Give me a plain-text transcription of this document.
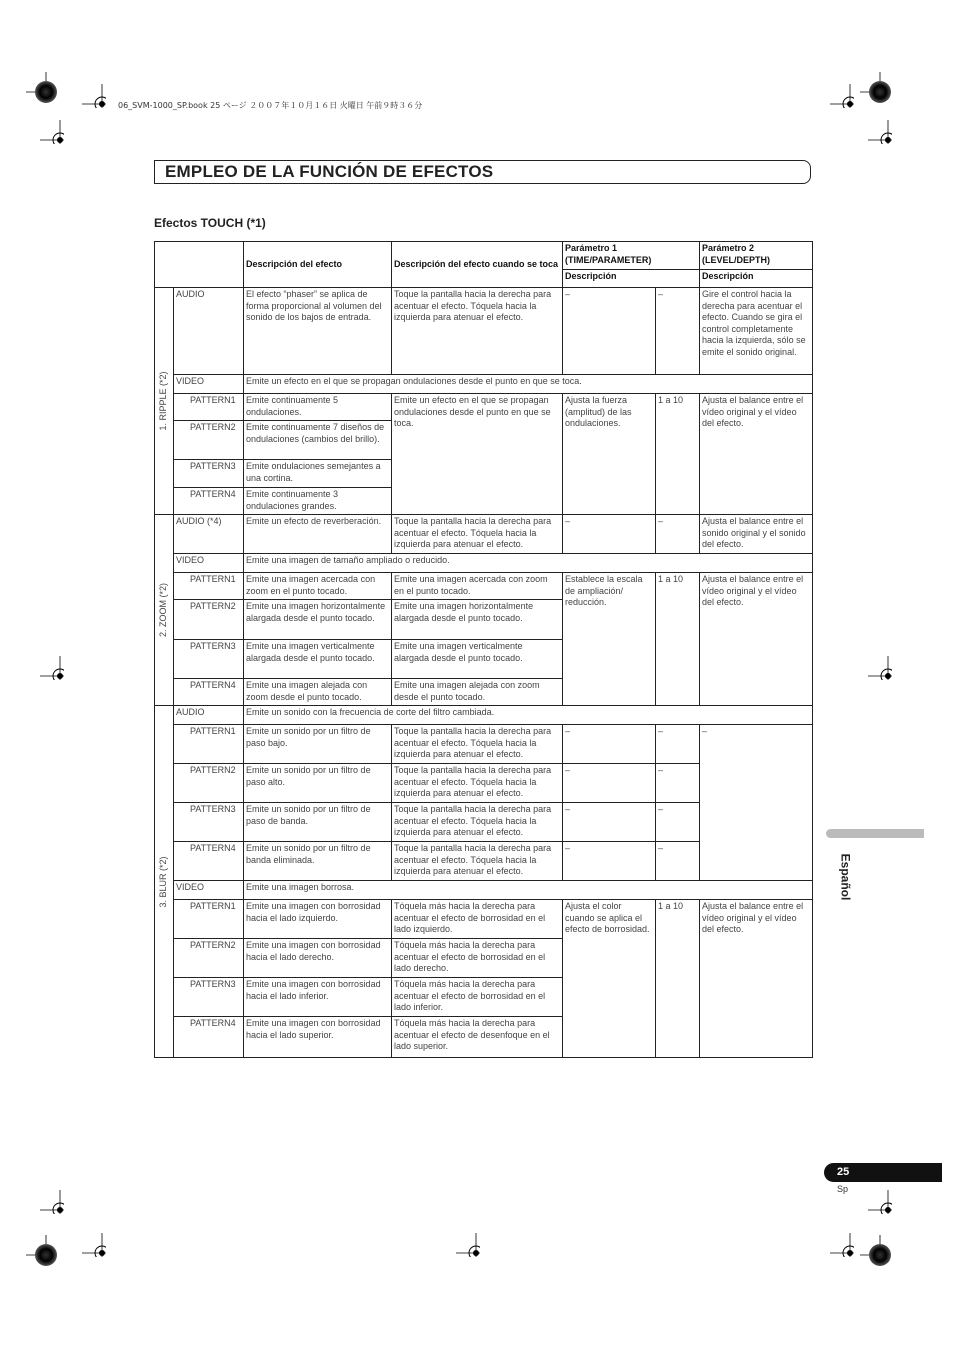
06_SVM-1000_SP.book 25 ページ ２００７年１０月１６日 火曜日 午前９時３６分
EMPLEO DE LA FUNCIÓN DE EFECTOS
Efectos TOUCH (*1)
		Descripción del efecto	Descripción del efecto cuando se toca	Parámetro 1 (TIME/PARAMETER)		Parámetro 2 (LEVEL/DEPTH)
				Descripción		Descripción

1. RIPPLE (*2)	AUDIO	El efecto “phaser” se aplica de forma proporcional al volumen del sonido de los bajos de entrada.	Toque la pantalla hacia la derecha para acentuar el efecto. Tóquela hacia la izquierda para atenuar el efecto.	–	–	Gire el control hacia la derecha para acentuar el efecto. Cuando se gira el control completamente hacia la izquierda, sólo se emite el sonido original.
	VIDEO	Emite un efecto en el que se propagan ondulaciones desde el punto en que se toca.				
	PATTERN1	Emite continuamente 5 ondulaciones.	Emite un efecto en el que se propagan ondulaciones desde el punto en que se toca.	Ajusta la fuerza (amplitud) de las ondulaciones.	1 a 10	Ajusta el balance entre el vídeo original y el vídeo del efecto.
	PATTERN2	Emite continuamente 7 diseños de ondulaciones (cambios del brillo).				
	PATTERN3	Emite ondulaciones semejantes a una cortina.				
	PATTERN4	Emite continuamente 3 ondulaciones grandes.				

2. ZOOM (*2)	AUDIO (*4)	Emite un efecto de reverberación.	Toque la pantalla hacia la derecha para acentuar el efecto. Tóquela hacia la izquierda para atenuar el efecto.	–	–	Ajusta el balance entre el sonido original y el sonido del efecto.
	VIDEO	Emite una imagen de tamaño ampliado o reducido.				
	PATTERN1	Emite una imagen acercada con zoom en el punto tocado.	Emite una imagen acercada con zoom en el punto tocado.	Establece la escala de ampliación/ reducción.	1 a 10	Ajusta el balance entre el vídeo original y el vídeo del efecto.
	PATTERN2	Emite una imagen horizontalmente alargada desde el punto tocado.	Emite una imagen horizontalmente alargada desde el punto tocado.			
	PATTERN3	Emite una imagen verticalmente alargada desde el punto tocado.	Emite una imagen verticalmente alargada desde el punto tocado.			
	PATTERN4	Emite una imagen alejada con zoom desde el punto tocado.	Emite una imagen alejada con zoom desde el punto tocado.			

3. BLUR (*2)	AUDIO	Emite un sonido con la frecuencia de corte del filtro cambiada.				
	PATTERN1	Emite un sonido por un filtro de paso bajo.	Toque la pantalla hacia la derecha para acentuar el efecto. Tóquela hacia la izquierda para atenuar el efecto.	–	–	–
	PATTERN2	Emite un sonido por un filtro de paso alto.	Toque la pantalla hacia la derecha para acentuar el efecto. Tóquela hacia la izquierda para atenuar el efecto.	–	–	
	PATTERN3	Emite un sonido por un filtro de paso de banda.	Toque la pantalla hacia la derecha para acentuar el efecto. Tóquela hacia la izquierda para atenuar el efecto.	–	–	
	PATTERN4	Emite un sonido por un filtro de banda eliminada.	Toque la pantalla hacia la derecha para acentuar el efecto. Tóquela hacia la izquierda para atenuar el efecto.	–	–	
	VIDEO	Emite una imagen borrosa.				
	PATTERN1	Emite una imagen con borrosidad hacia el lado izquierdo.	Tóquela más hacia la derecha para acentuar el efecto de borrosidad en el lado izquierdo.	Ajusta el color cuando se aplica el efecto de borrosidad.	1 a 10	Ajusta el balance entre el vídeo original y el vídeo del efecto.
	PATTERN2	Emite una imagen con borrosidad hacia el lado derecho.	Tóquela más hacia la derecha para acentuar el efecto de borrosidad en el lado derecho.			
	PATTERN3	Emite una imagen con borrosidad hacia el lado inferior.	Tóquela más hacia la derecha para acentuar el efecto de borrosidad en el lado inferior.			
	PATTERN4	Emite una imagen con borrosidad hacia el lado superior.	Tóquela más hacia la derecha para acentuar el efecto de desenfoque en el lado superior.			
Español
25
Sp
